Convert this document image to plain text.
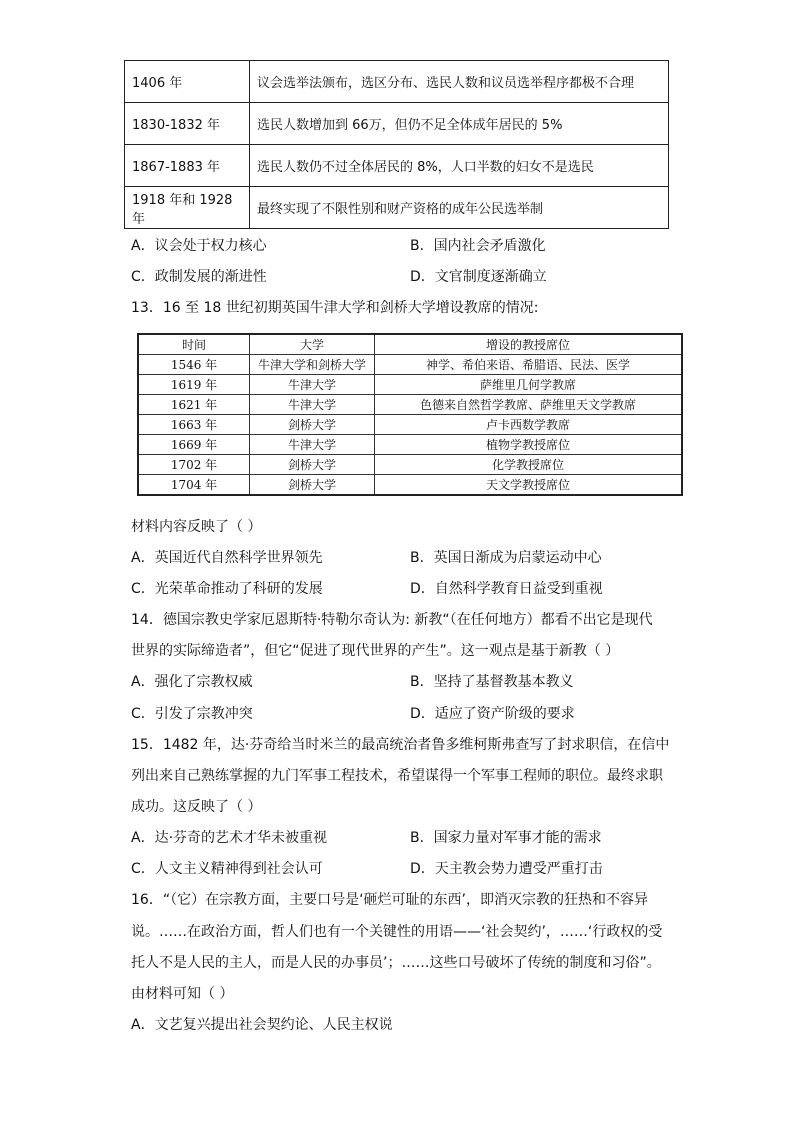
1406 年	议会选举法颁布，选区分布、选民人数和议员选举程序都极不合理
1830-1832 年	选民人数增加到 66万，但仍不足全体成年居民的 5%
1867-1883 年	选民人数仍不过全体居民的 8%，人口半数的妇女不是选民
1918 年和 1928 年	最终实现了不限性别和财产资格的成年公民选举制
A．议会处于权力核心	B．国内社会矛盾激化
C．政制发展的渐进性	D．文官制度逐渐确立
13．16 至 18 世纪初期英国牛津大学和剑桥大学增设教席的情况:
时间	大学	增设的教授席位
1546 年	牛津大学和剑桥大学	神学、希伯来语、希腊语、民法、医学
1619 年	牛津大学	萨维里几何学教席
1621 年	牛津大学	色德来自然哲学教席、萨维里天文学教席
1663 年	剑桥大学	卢卡西数学教席
1669 年	牛津大学	植物学教授席位
1702 年	剑桥大学	化学教授席位
1704 年	剑桥大学	天文学教授席位
材料内容反映了（ ）
A．英国近代自然科学世界领先	B．英国日渐成为启蒙运动中心
C．光荣革命推动了科研的发展	D．自然科学教育日益受到重视
14．德国宗教史学家厄恩斯特·特勒尔奇认为: 新教“（在任何地方）都看不出它是现代
世界的实际缔造者”，但它“促进了现代世界的产生”。这一观点是基于新教（ ）
A．强化了宗教权威	B．坚持了基督教基本教义
C．引发了宗教冲突	D．适应了资产阶级的要求
15．1482 年，达·芬奇给当时米兰的最高统治者鲁多维柯斯弗查写了封求职信，在信中
列出来自己熟练掌握的九门军事工程技术，希望谋得一个军事工程师的职位。最终求职
成功。这反映了（ ）
A．达·芬奇的艺术才华未被重视	B．国家力量对军事才能的需求
C．人文主义精神得到社会认可	D．天主教会势力遭受严重打击
16．“（它）在宗教方面，主要口号是‘砸烂可耻的东西’，即消灭宗教的狂热和不容异
说。……在政治方面，哲人们也有一个关键性的用语——‘社会契约’，……‘行政权的受
托人不是人民的主人，而是人民的办事员’；……这些口号破坏了传统的制度和习俗”。
由材料可知（ ）
A．文艺复兴提出社会契约论、人民主权说
